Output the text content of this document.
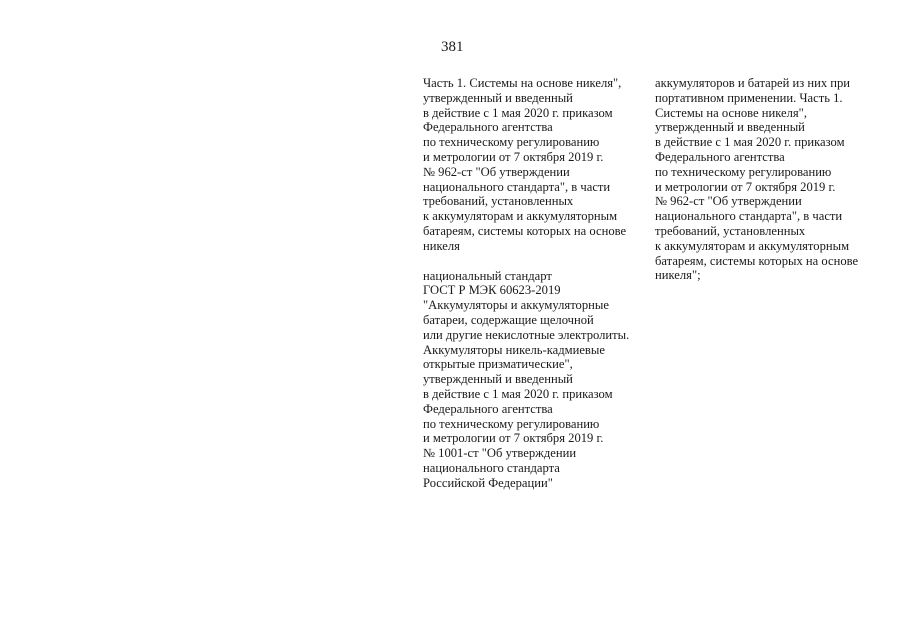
381
Часть 1. Системы на основе никеля",
утвержденный и введенный
в действие с 1 мая 2020 г. приказом
Федерального агентства
по техническому регулированию
и метрологии от 7 октября 2019 г.
№ 962-ст "Об утверждении
национального стандарта", в части
требований, установленных
к аккумуляторам и аккумуляторным
батареям, системы которых на основе
никеля
национальный стандарт
ГОСТ Р МЭК 60623-2019
"Аккумуляторы и аккумуляторные
батареи, содержащие щелочной
или другие некислотные электролиты.
Аккумуляторы никель-кадмиевые
открытые призматические",
утвержденный и введенный
в действие с 1 мая 2020 г. приказом
Федерального агентства
по техническому регулированию
и метрологии от 7 октября 2019 г.
№ 1001-ст "Об утверждении
национального стандарта
Российской Федерации"
аккумуляторов и батарей из них при
портативном применении. Часть 1.
Системы на основе никеля",
утвержденный и введенный
в действие с 1 мая 2020 г. приказом
Федерального агентства
по техническому регулированию
и метрологии от 7 октября 2019 г.
№ 962-ст "Об утверждении
национального стандарта", в части
требований, установленных
к аккумуляторам и аккумуляторным
батареям, системы которых на основе
никеля";
